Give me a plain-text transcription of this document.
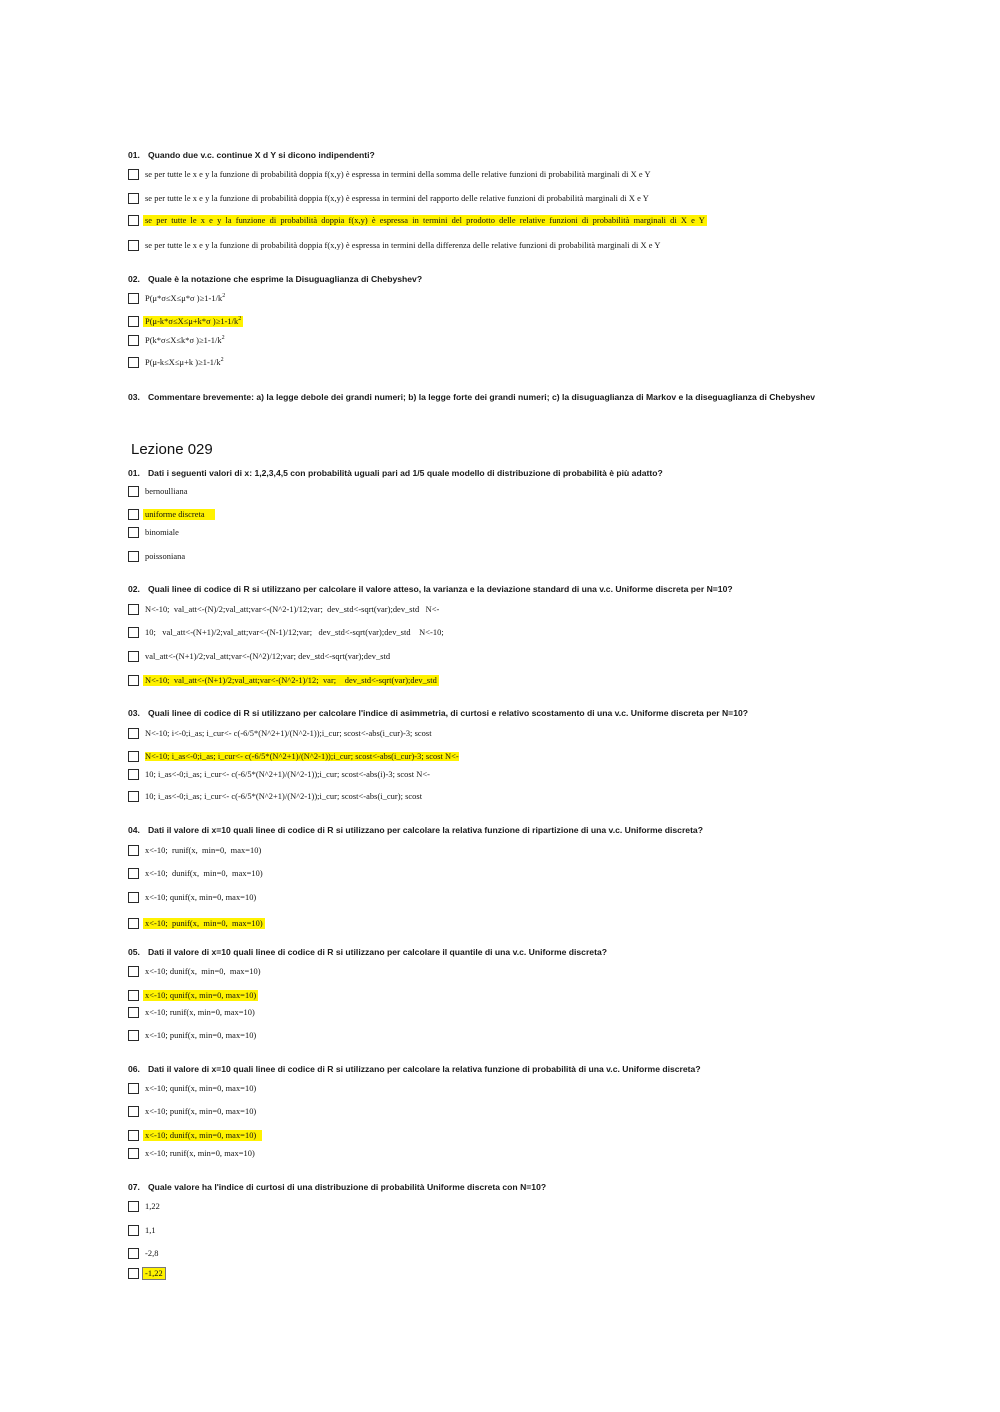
01. Quando due v.c. continue X d Y si dicono indipendenti?
se per tutte le x e y la funzione di probabilità doppia f(x,y) è espressa in termini della somma delle relative funzioni di probabilità marginali di X e Y
se per tutte le x e y la funzione di probabilità doppia f(x,y) è espressa in termini del rapporto delle relative funzioni di probabilità marginali di X e Y
se per tutte le x e y la funzione di probabilità doppia f(x,y) è espressa in termini del prodotto delle relative funzioni di probabilità marginali di X e Y
se per tutte le x e y la funzione di probabilità doppia f(x,y) è espressa in termini della differenza delle relative funzioni di probabilità marginali di X e Y
02. Quale è la notazione che esprime la Disuguaglianza di Chebyshev?
P(μ*σ≤X≤μ*σ )$\ge 1-1/k^2$
P(μ-k*σ≤X≤μ+k*σ )$\ge 1-1/k^2$
P(k*σ≤X≤k*σ )$\ge 1-1/k^2$
P(μ-k≤X≤μ+k )$\ge 1-1/k^2$
03. Commentare brevemente: a) la legge debole dei grandi numeri; b) la legge forte dei grandi numeri; c) la disuguaglianza di Markov e la diseguaglianza di Chebyshev
Lezione 029
01. Dati i seguenti valori di x: 1,2,3,4,5 con probabilità uguali pari ad 1/5 quale modello di distribuzione di probabilità è più adatto?
bernoulliana
uniforme discreta
binomiale
poissoniana
02. Quali linee di codice di R si utilizzano per calcolare il valore atteso, la varianza e la deviazione standard di una v.c. Uniforme discreta per N=10?
N<-10;  val_att<-(N)/2;val_att;var<-(N^2-1)/12;var;  dev_std<-sqrt(var);dev_std   N<-
10;   val_att<-(N+1)/2;val_att;var<-(N-1)/12;var;   dev_std<-sqrt(var);dev_std    N<-10;
val_att<-(N+1)/2;val_att;var<-(N^2)/12;var; dev_std<-sqrt(var);dev_std
N<-10;  val_att<-(N+1)/2;val_att;var<-(N^2-1)/12;  var;    dev_std<-sqrt(var);dev_std
03. Quali linee di codice di R si utilizzano per calcolare l'indice di asimmetria, di curtosi e relativo scostamento di una v.c. Uniforme discreta per N=10?
N<-10; i<-0;i_as; i_cur<- c(-6/5*(N^2+1)/(N^2-1));i_cur; scost<-abs(i_cur)-3; scost
N<-10; i_as<-0;i_as; i_cur<- c(-6/5*(N^2+1)/(N^2-1));i_cur; scost<-abs(i_cur)-3; scost N<-
10; i_as<-0;i_as; i_cur<- c(-6/5*(N^2+1)/(N^2-1));i_cur; scost<-abs(i)-3; scost N<-
10; i_as<-0;i_as; i_cur<- c(-6/5*(N^2+1)/(N^2-1));i_cur; scost<-abs(i_cur); scost
04. Dati il valore di x=10 quali linee di codice di R si utilizzano per calcolare la relativa funzione di ripartizione di una v.c. Uniforme discreta?
x<-10;  runif(x,  min=0,  max=10)
x<-10;  dunif(x,  min=0,  max=10)
x<-10; qunif(x, min=0, max=10)
x<-10;  punif(x,  min=0,  max=10)
05. Dati il valore di x=10 quali linee di codice di R si utilizzano per calcolare il quantile di una v.c. Uniforme discreta?
x<-10; dunif(x,  min=0,  max=10)
x<-10; qunif(x, min=0, max=10)
x<-10; runif(x, min=0, max=10)
x<-10; punif(x, min=0, max=10)
06. Dati il valore di x=10 quali linee di codice di R si utilizzano per calcolare la relativa funzione di probabilità di una v.c. Uniforme discreta?
x<-10; qunif(x, min=0, max=10)
x<-10; punif(x, min=0, max=10)
x<-10; dunif(x, min=0, max=10)
x<-10; runif(x, min=0, max=10)
07. Quale valore ha l'indice di curtosi di una distribuzione di probabilità Uniforme discreta con N=10?
1,22
1,1
-2,8
-1,22
